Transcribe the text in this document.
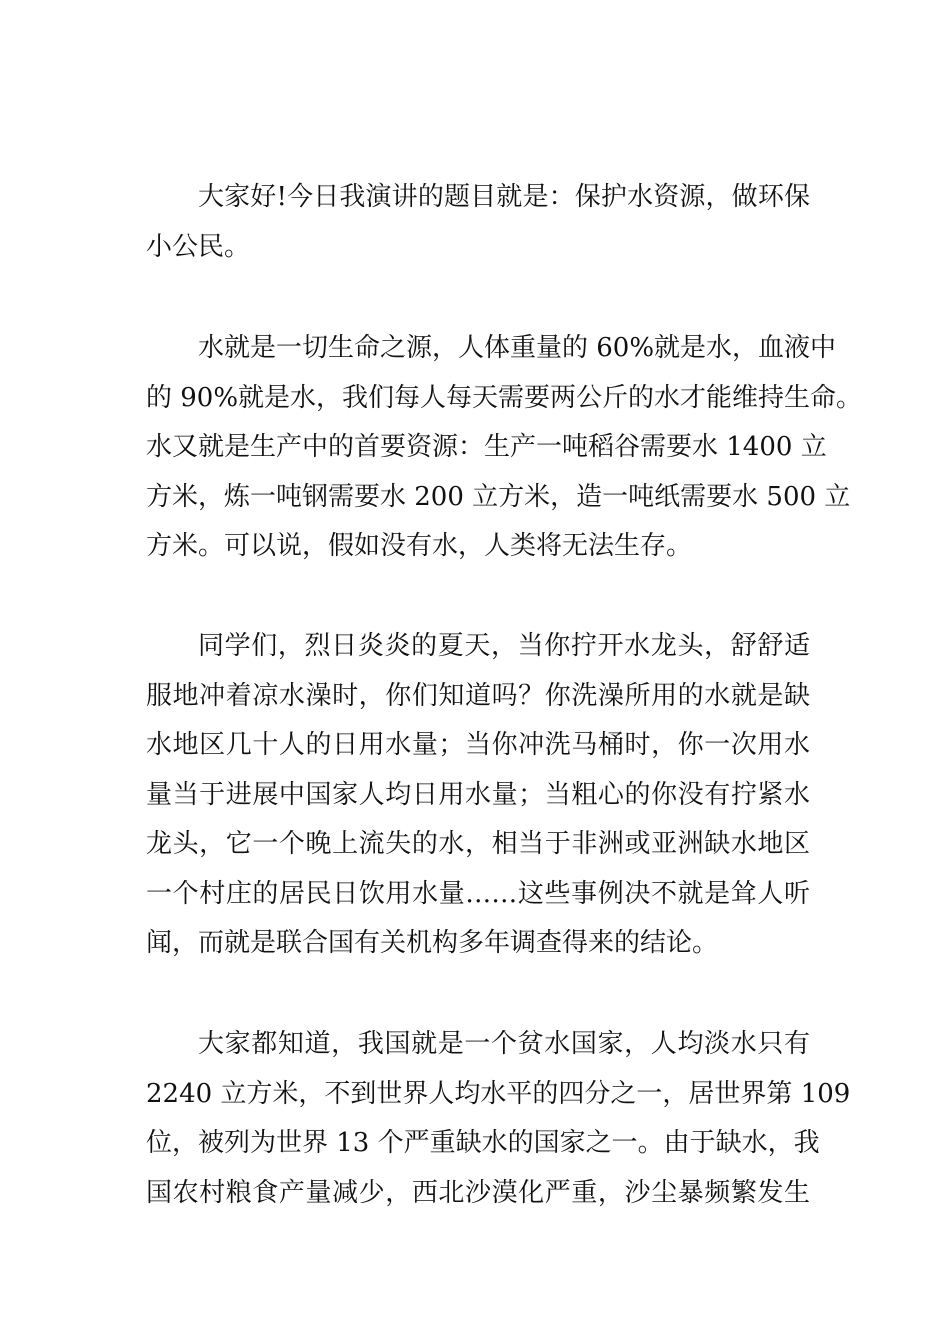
大家好!今日我演讲的题目就是：保护水资源，做环保
小公民。
水就是一切生命之源，人体重量的 60%就是水，血液中
的 90%就是水，我们每人每天需要两公斤的水才能维持生命。
水又就是生产中的首要资源：生产一吨稻谷需要水 1400 立
方米，炼一吨钢需要水 200 立方米，造一吨纸需要水 500 立
方米。可以说，假如没有水，人类将无法生存。
同学们，烈日炎炎的夏天，当你拧开水龙头，舒舒适
服地冲着凉水澡时，你们知道吗？你洗澡所用的水就是缺
水地区几十人的日用水量；当你冲洗马桶时，你一次用水
量当于进展中国家人均日用水量；当粗心的你没有拧紧水
龙头，它一个晚上流失的水，相当于非洲或亚洲缺水地区
一个村庄的居民日饮用水量……这些事例决不就是耸人听
闻，而就是联合国有关机构多年调查得来的结论。
大家都知道，我国就是一个贫水国家，人均淡水只有
2240 立方米，不到世界人均水平的四分之一，居世界第 109
位，被列为世界 13 个严重缺水的国家之一。由于缺水，我
国农村粮食产量减少，西北沙漠化严重，沙尘暴频繁发生
